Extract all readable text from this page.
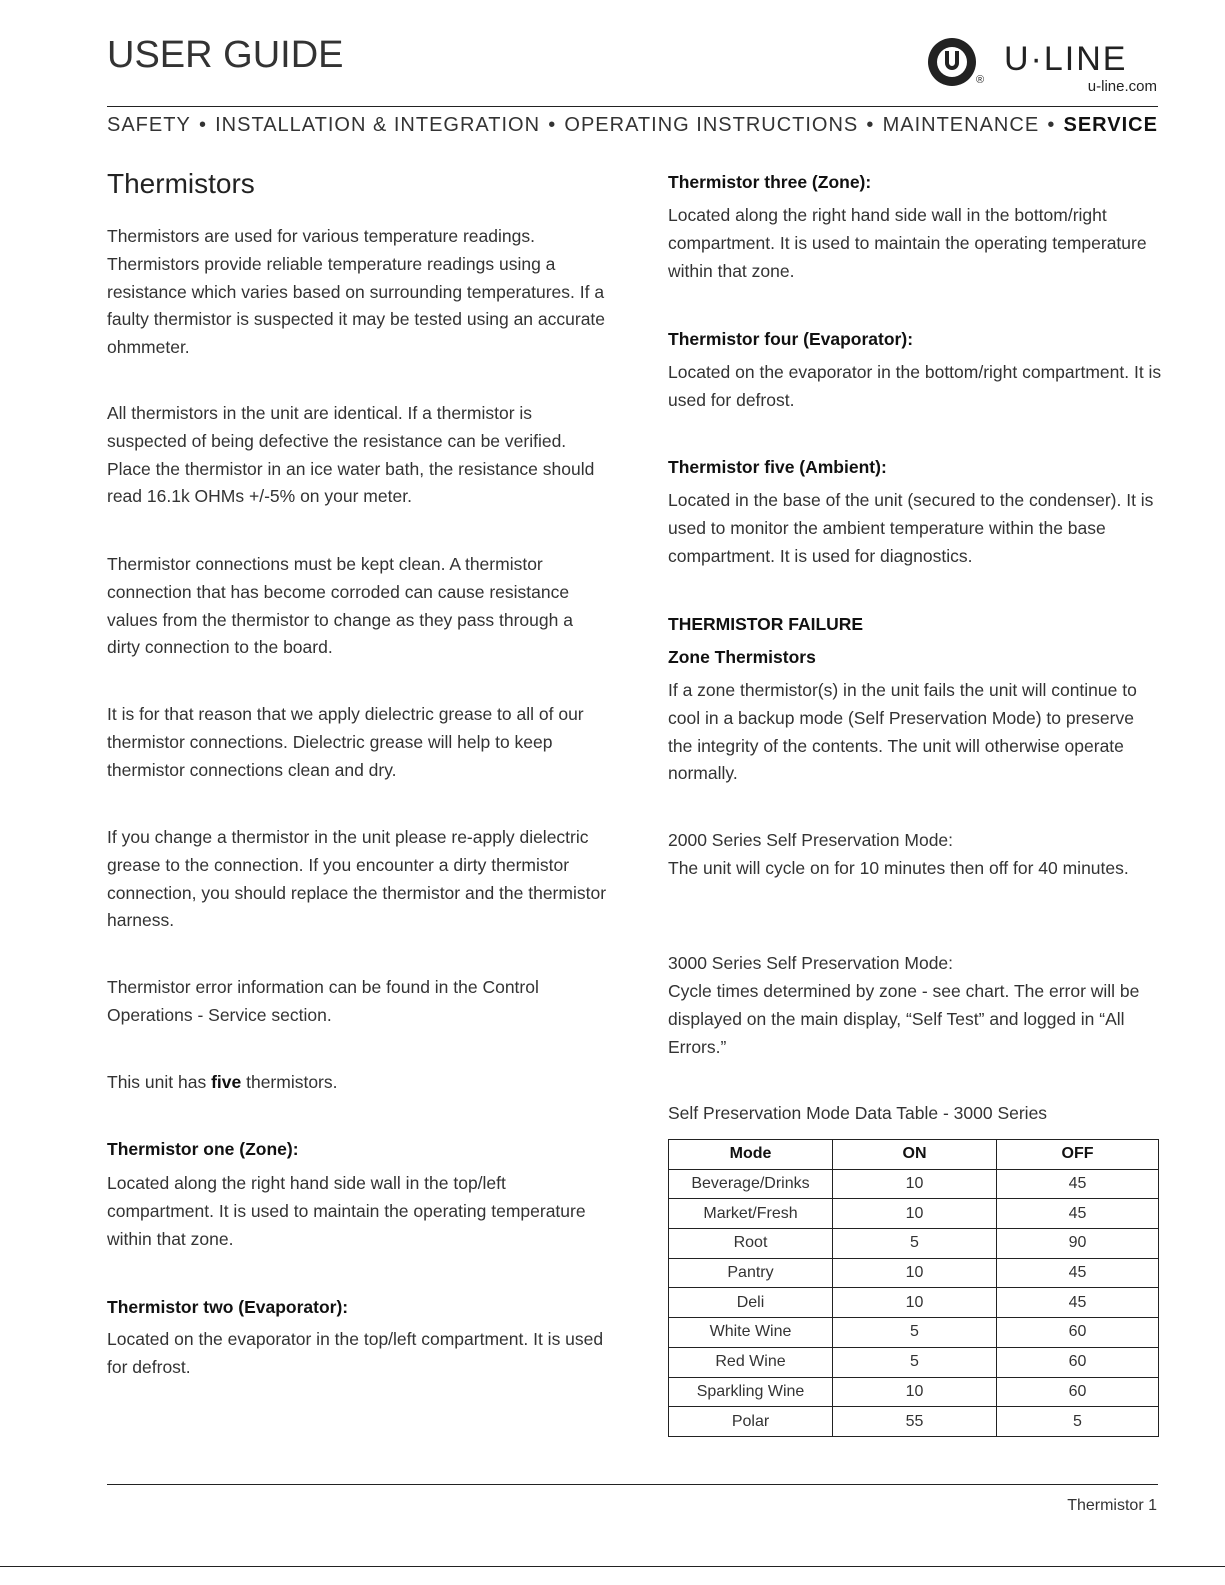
USER GUIDE
®
U·LINE
u-line.com
SAFETY • INSTALLATION & INTEGRATION • OPERATING INSTRUCTIONS • MAINTENANCE • SERVICE
Thermistors

Thermistors are used for various temperature readings. Thermistors provide reliable temperature readings using a resistance which varies based on surrounding temperatures. If a faulty thermistor is suspected it may be tested using an accurate ohmmeter.

All thermistors in the unit are identical. If a thermistor is suspected of being defective the resistance can be verified. Place the thermistor in an ice water bath, the resistance should read 16.1k OHMs +/-5% on your meter.

Thermistor connections must be kept clean. A thermistor connection that has become corroded can cause resistance values from the thermistor to change as they pass through a dirty connection to the board.

It is for that reason that we apply dielectric grease to all of our thermistor connections. Dielectric grease will help to keep thermistor connections clean and dry.

If you change a thermistor in the unit please re-apply dielectric grease to the connection. If you encounter a dirty thermistor connection, you should replace the thermistor and the thermistor harness.

Thermistor error information can be found in the Control Operations - Service section.

This unit has five thermistors.

Thermistor one (Zone):

Located along the right hand side wall in the top/left compartment. It is used to maintain the operating temperature within that zone.

Thermistor two (Evaporator):

Located on the evaporator in the top/left compartment. It is used for defrost.

Thermistor three (Zone):

Located along the right hand side wall in the bottom/right compartment. It is used to maintain the operating temperature within that zone.

Thermistor four (Evaporator):

Located on the evaporator in the bottom/right compartment. It is used for defrost.

Thermistor five (Ambient):

Located in the base of the unit (secured to the condenser). It is used to monitor the ambient temperature within the base compartment. It is used for diagnostics.

THERMISTOR FAILURE
Zone Thermistors

If a zone thermistor(s) in the unit fails the unit will continue to cool in a backup mode (Self Preservation Mode) to preserve the integrity of the contents. The unit will otherwise operate normally.

2000 Series Self Preservation Mode:

The unit will cycle on for 10 minutes then off for 40 minutes.

3000 Series Self Preservation Mode:

Cycle times determined by zone - see chart. The error will be displayed on the main display, “Self Test” and logged in “All Errors.”

Self Preservation Mode Data Table - 3000 Series

Mode	ON	OFF
Beverage/Drinks	10	45
Market/Fresh	10	45
Root	5	90
Pantry	10	45
Deli	10	45
White Wine	5	60
Red Wine	5	60
Sparkling Wine	10	60
Polar	55	5
Thermistor 1
